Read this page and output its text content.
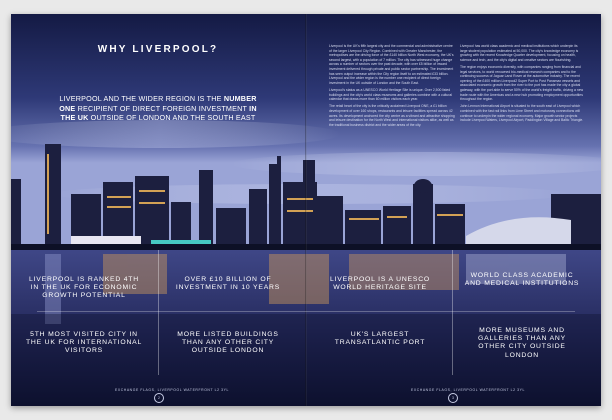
WHY LIVERPOOL?
LIVERPOOL AND THE WIDER REGION IS THE NUMBER ONE RECIPIENT OF DIRECT FOREIGN INVESTMENT IN THE UK OUTSIDE OF LONDON AND THE SOUTH EAST

Liverpool is the UK's fifth largest city and the commercial and administrative centre of the larger Liverpool City Region. Combined with Greater Manchester, the metropolises are the driving force of the £140 billion North West economy, the UK's second largest, with a population of 7 million. The city has witnessed huge change across a number of sectors over the past decade, with over £5 billion of inward investment delivered through private and public sector partnership. The investment has seen output increase within the City region itself to an estimated £33 billion. Liverpool and the wider region is the number one recipient of direct foreign investment in the UK outside of London and the South East.

Liverpool's status as a UNESCO World Heritage Site is unique. Over 2,500 listed buildings and the city's world class museums and galleries combine with a cultural calendar that draws more than 60 million visitors each year.

The retail heart of the city is the critically acclaimed Liverpool ONE, a £1 billion development of over 160 shops, restaurants and leisure facilities spread across 42 acres. Its development anchored the city centre as a vibrant and attractive shopping and leisure destination for the North West and international visitors alike, as well as the traditional business district and the wider areas of the city.

Liverpool has world class academic and medical institutions which underpin its large student population estimated at 50,000. The city's knowledge economy is growing with the recent Knowledge Quarter development, focusing on health, science and tech, and the city's digital and creative sectors are flourishing.

The region enjoys economic diversity, with companies ranging from financial and legal services, to world renowned bio-medical research companies and to the continuing success of Jaguar Land Rover at the automotive industry. The recent opening of the £400 million Liverpool2 Super Port to Post Panamax vessels and associated economic growth from the river to the port has made the city a global gateway, with the port able to serve 50% of the world's freight traffic, driving a new trade route with the Americas and a new hub promoting employment opportunities throughout the region.

John Lennon International Airport is situated to the south east of Liverpool which combined with the fast rail links from Lime Street and motorway connections will continue to underpin the wider regional economy. Major growth sector projects include Liverpool Waters, Liverpool Airport, Paddington Village and Baltic Triangle.

LIVERPOOL IS RANKED 4TH IN THE UK FOR ECONOMIC GROWTH POTENTIAL
OVER £10 BILLION OF INVESTMENT IN 10 YEARS
LIVERPOOL IS A UNESCO WORLD HERITAGE SITE
WORLD CLASS ACADEMIC AND MEDICAL INSTITUTIONS
5TH MOST VISITED CITY IN THE UK FOR INTERNATIONAL VISITORS
MORE LISTED BUILDINGS THAN ANY OTHER CITY OUTSIDE LONDON
UK'S LARGEST TRANSATLANTIC PORT
MORE MUSEUMS AND GALLERIES THAN ANY OTHER CITY OUTSIDE LONDON
EXCHANGE FLAGS, LIVERPOOL WATERFRONT L2 3YL	EXCHANGE FLAGS, LIVERPOOL WATERFRONT L2 3YL
2	3
